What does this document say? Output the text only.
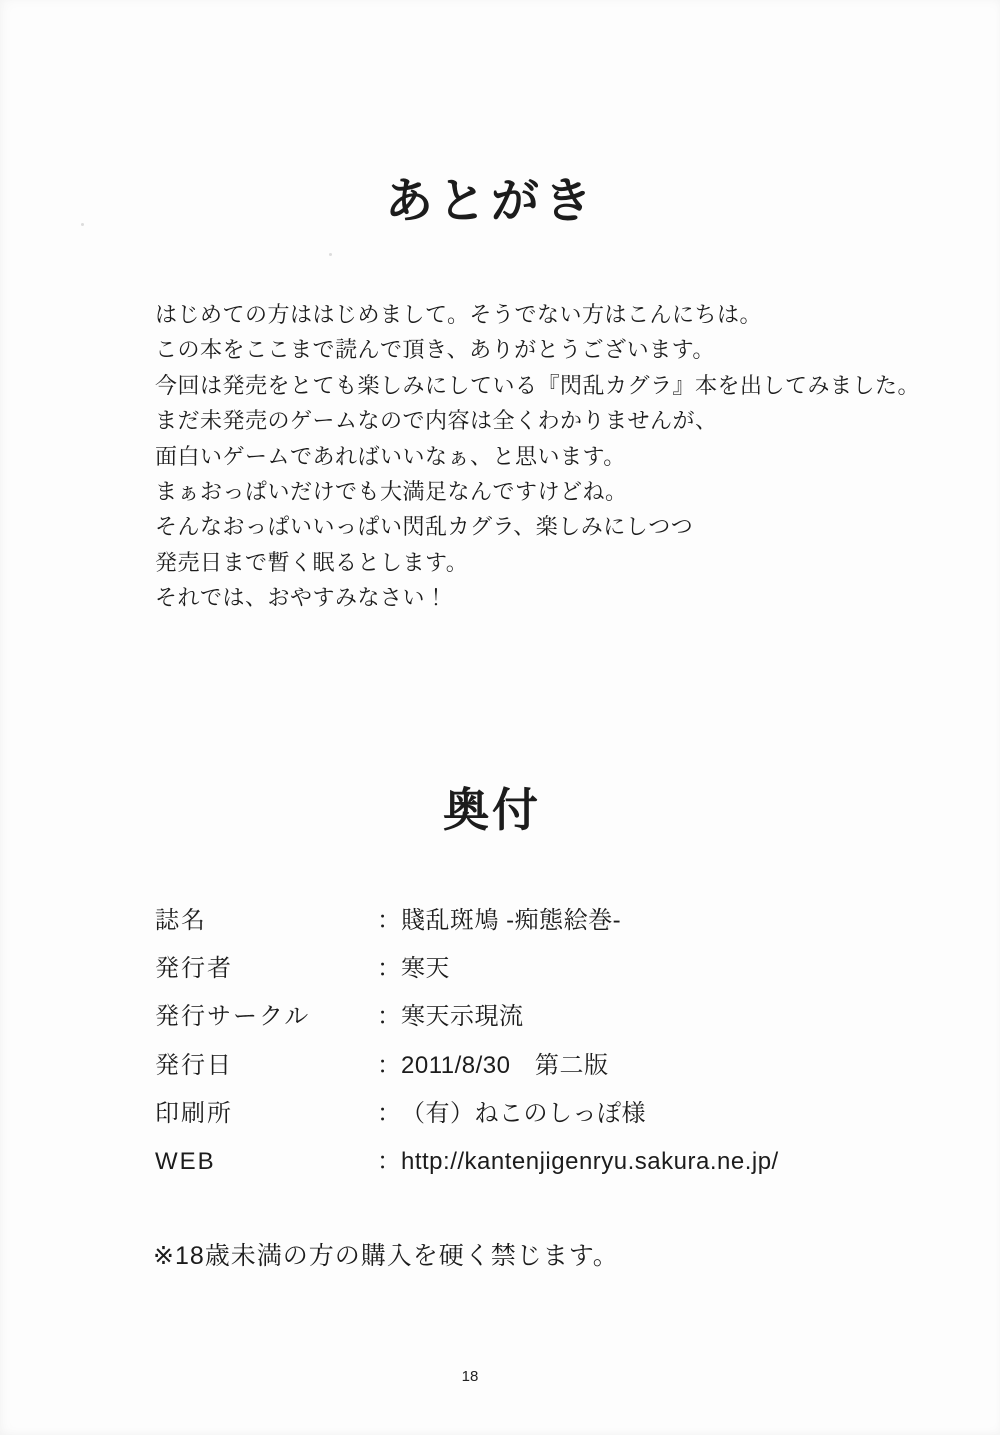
あとがき
はじめての方ははじめまして。そうでない方はこんにちは。
この本をここまで読んで頂き、ありがとうございます。
今回は発売をとても楽しみにしている『閃乱カグラ』本を出してみました。
まだ未発売のゲームなので内容は全くわかりませんが、
面白いゲームであればいいなぁ、と思います。
まぁおっぱいだけでも大満足なんですけどね。
そんなおっぱいいっぱい閃乱カグラ、楽しみにしつつ
発売日まで暫く眠るとします。
それでは、おやすみなさい！
奥付
誌名	： 賤乱斑鳩 -痴態絵巻-
発行者	： 寒天
発行サークル	： 寒天示現流
発行日	： 2011/8/30　第二版
印刷所	： （有）ねこのしっぽ様
WEB	： http://kantenjigenryu.sakura.ne.jp/
※18歳未満の方の購入を硬く禁じます。
18
